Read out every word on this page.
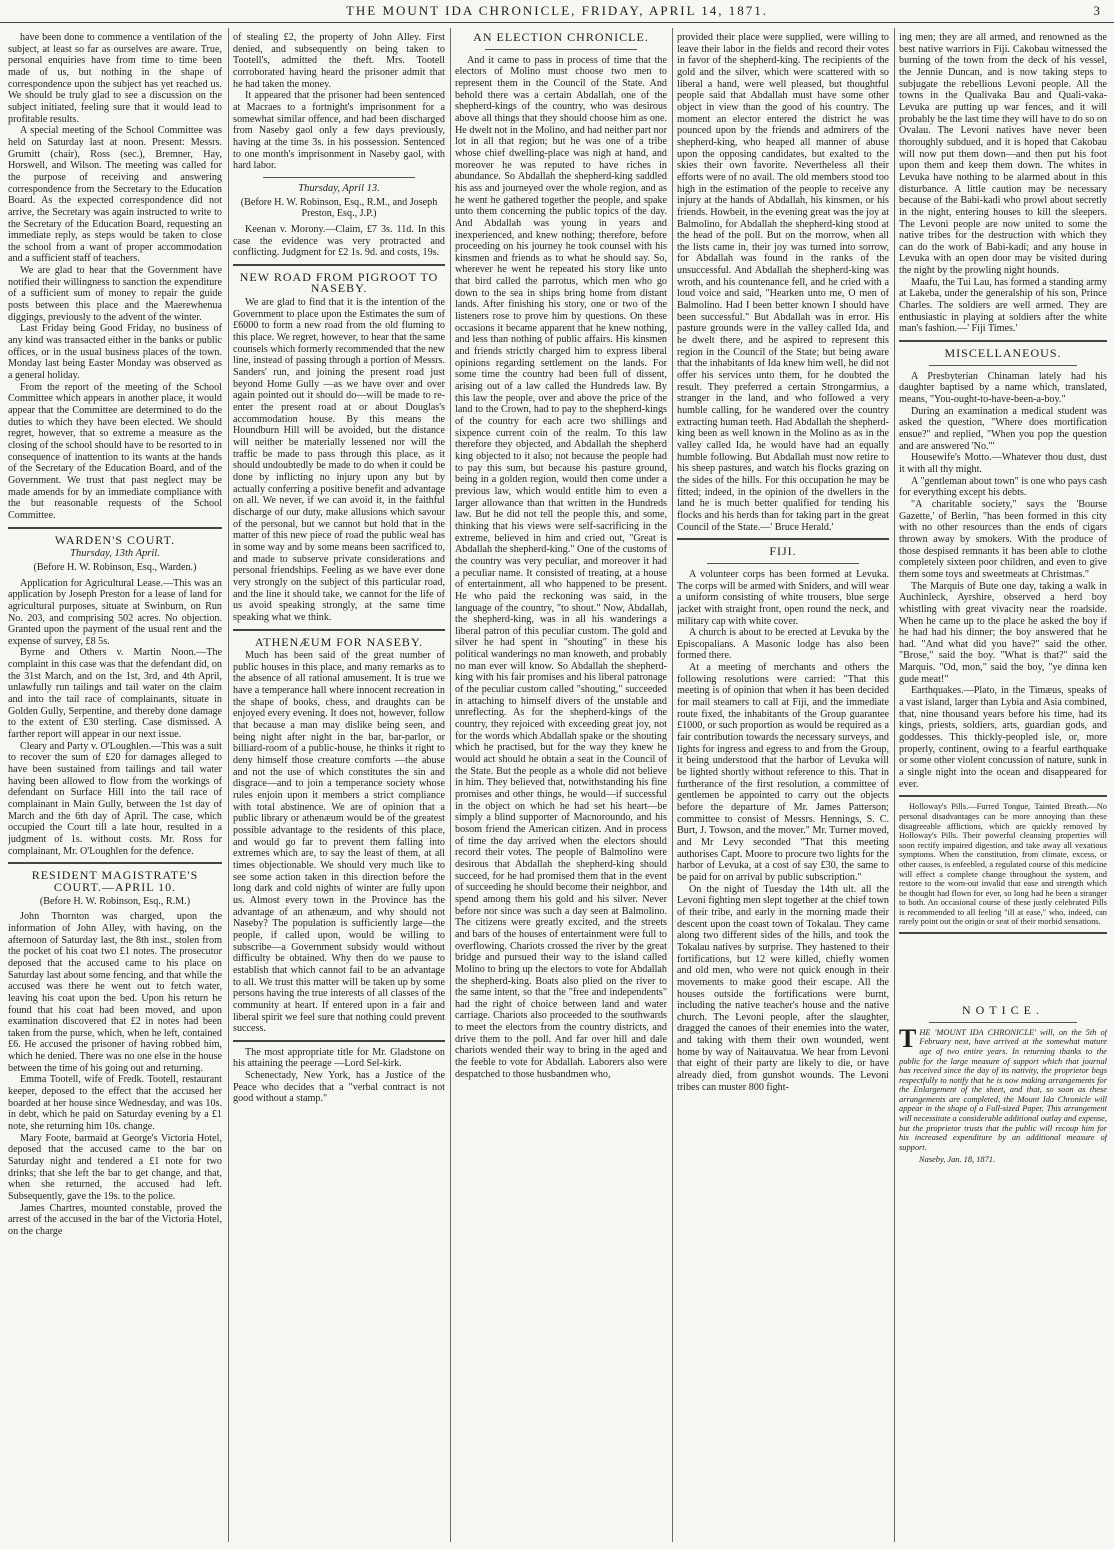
THE MOUNT IDA CHRONICLE, FRIDAY, APRIL 14, 1871.	3

have been done to commence a ventilation of the subject, at least so far as ourselves are aware. True, personal enquiries have from time to time been made of us, but nothing in the shape of correspondence upon the subject has yet reached us. We should be truly glad to see a discussion on the subject initiated, feeling sure that it would lead to profitable results.

A special meeting of the School Committee was held on Saturday last at noon. Present: Messrs. Grumitt (chair), Ross (sec.), Bremner, Hay, Horswell, and Wilson. The meeting was called for the purpose of receiving and answering correspondence from the Secretary to the Education Board. As the expected correspondence did not arrive, the Secretary was again instructed to write to the Secretary of the Education Board, requesting an immediate reply, as steps would be taken to close the school from a want of proper accommodation and a sufficient staff of teachers.

We are glad to hear that the Government have notified their willingness to sanction the expenditure of a sufficient sum of money to repair the guide posts between this place and the Maerewhenua diggings, previously to the advent of the winter.

Last Friday being Good Friday, no business of any kind was transacted either in the banks or public offices, or in the usual business places of the town. Monday last being Easter Monday was observed as a general holiday.

From the report of the meeting of the School Committee which appears in another place, it would appear that the Committee are determined to do the duties to which they have been elected. We should regret, however, that so extreme a measure as the closing of the school should have to be resorted to in consequence of inattention to its wants at the hands of the Secretary of the Education Board, and of the Government. We trust that past neglect may be made amends for by an immediate compliance with the but reasonable requests of the School Committee.

WARDEN'S COURT.

Thursday, 13th April.

(Before H. W. Robinson, Esq., Warden.)

Application for Agricultural Lease.—This was an application by Joseph Preston for a lease of land for agricultural purposes, situate at Swinburn, on Run No. 203, and comprising 502 acres. No objection. Granted upon the payment of the usual rent and the expense of survey, £8 5s.

Byrne and Others v. Martin Noon.—The complaint in this case was that the defendant did, on the 31st March, and on the 1st, 3rd, and 4th April, unlawfully run tailings and tail water on the claim and into the tail race of complainants, situate in Golden Gully, Serpentine, and thereby done damage to the extent of £30 sterling. Case dismissed. A farther report will appear in our next issue.

Cleary and Party v. O'Loughlen.—This was a suit to recover the sum of £20 for damages alleged to have been sustained from tailings and tail water having been allowed to flow from the workings of defendant on Surface Hill into the tail race of complainant in Main Gully, between the 1st day of March and the 6th day of April. The case, which occupied the Court till a late hour, resulted in a judgment of 1s. without costs. Mr. Ross for complainant, Mr. O'Loughlen for the defence.

RESIDENT MAGISTRATE'S COURT.—APRIL 10.

(Before H. W. Robinson, Esq., R.M.)

John Thornton was charged, upon the information of John Alley, with having, on the afternoon of Saturday last, the 8th inst., stolen from the pocket of his coat two £1 notes. The prosecutor deposed that the accused came to his place on Saturday last about some fencing, and that while the accused was there he went out to fetch water, leaving his coat upon the bed. Upon his return he found that his coat had been moved, and upon examination discovered that £2 in notes had been taken from the purse, which, when he left, contained £6. He accused the prisoner of having robbed him, which he denied. There was no one else in the house between the time of his going out and returning.

Emma Tootell, wife of Fredk. Tootell, restaurant keeper, deposed to the effect that the accused her boarded at her house since Wednesday, and was 10s. in debt, which he paid on Saturday evening by a £1 note, she returning him 10s. change.

Mary Foote, barmaid at George's Victoria Hotel, deposed that the accused came to the bar on Saturday night and tendered a £1 note for two drinks; that she left the bar to get change, and that, when she returned, the accused had left. Subsequently, gave the 19s. to the police.

James Chartres, mounted constable, proved the arrest of the accused in the bar of the Victoria Hotel, on the charge

of stealing £2, the property of John Alley. First denied, and subsequently on being taken to Tootell's, admitted the theft. Mrs. Tootell corroborated having heard the prisoner admit that he had taken the money.

It appeared that the prisoner had been sentenced at Macraes to a fortnight's imprisonment for a somewhat similar offence, and had been discharged from Naseby gaol only a few days previously, having at the time 3s. in his possession. Sentenced to one month's imprisonment in Naseby gaol, with hard labor.

Thursday, April 13.

(Before H. W. Robinson, Esq., R.M., and Joseph Preston, Esq., J.P.)

Keenan v. Morony.—Claim, £7 3s. 11d. In this case the evidence was very protracted and conflicting. Judgment for £2 1s. 9d. and costs, 19s.

NEW ROAD FROM PIGROOT TO NASEBY.

We are glad to find that it is the intention of the Government to place upon the Estimates the sum of £6000 to form a new road from the old fluming to this place. We regret, however, to hear that the same counsels which formerly recommended that the new line, instead of passing through a portion of Messrs. Sanders' run, and joining the present road just beyond Home Gully —as we have over and over again pointed out it should do—will be made to re-enter the present road at or about Douglas's accommodation house. By this means the Houndburn Hill will be avoided, but the distance will neither be materially lessened nor will the traffic be made to pass through this place, as it should undoubtedly be made to do when it could be done by inflicting no injury upon any but by actually conferring a positive benefit and advantage on all. We never, if we can avoid it, in the faithful discharge of our duty, make allusions which savour of the personal, but we cannot but hold that in the matter of this new piece of road the public weal has in some way and by some means been sacrificed to, and made to subserve private considerations and personal friendships. Feeling as we have ever done very strongly on the subject of this particular road, and the line it should take, we cannot for the life of us avoid speaking strongly, at the same time speaking what we think.

ATHENÆUM FOR NASEBY.

Much has been said of the great number of public houses in this place, and many remarks as to the absence of all rational amusement. It is true we have a temperance hall where innocent recreation in the shape of books, chess, and draughts can be enjoyed every evening. It does not, however, follow that because a man may dislike being seen, and being night after night in the bar, bar-parlor, or billiard-room of a public-house, he thinks it right to deny himself those creature comforts —the abuse and not the use of which constitutes the sin and disgrace—and to join a temperance society whose rules enjoin upon it members a strict compliance with total abstinence. We are of opinion that a public library or athenæum would be of the greatest possible advantage to the residents of this place, and would go far to prevent them falling into extremes which are, to say the least of them, at all times objectionable. We should very much like to see some action taken in this direction before the long dark and cold nights of winter are fully upon us. Almost every town in the Province has the advantage of an athenæum, and why should not Naseby? The population is sufficiently large—the people, if called upon, would be willing to subscribe—a Government subsidy would without difficulty be obtained. Why then do we pause to establish that which cannot fail to be an advantage to all. We trust this matter will be taken up by some persons having the true interests of all classes of the community at heart. If entered upon in a fair and liberal spirit we feel sure that nothing could prevent success.

The most appropriate title for Mr. Gladstone on his attaining the peerage —Lord Sel-kirk.

Schenectady, New York, has a Justice of the Peace who decides that a "verbal contract is not good without a stamp."

AN ELECTION CHRONICLE.

And it came to pass in process of time that the electors of Molino must choose two men to represent them in the Council of the State. And behold there was a certain Abdallah, one of the shepherd-kings of the country, who was desirous above all things that they should choose him as one. He dwelt not in the Molino, and had neither part nor lot in all that region; but he was one of a tribe whose chief dwelling-place was nigh at hand, and moreover he was reputed to have riches in abundance. So Abdallah the shepherd-king saddled his ass and journeyed over the whole region, and as he went he gathered together the people, and spake unto them concerning the public topics of the day. And Abdallah was young in years and inexperienced, and knew nothing; therefore, before proceeding on his journey he took counsel with his kinsmen and friends as to what he should say. So, wherever he went he repeated his story like unto that bird called the parrotus, which men who go down to the sea in ships bring home from distant lands. After finishing his story, one or two of the listeners rose to prove him by questions. On these occasions it became apparent that he knew nothing, and less than nothing of public affairs. His kinsmen and friends strictly charged him to express liberal opinions regarding settlement on the lands. For some time the country had been full of dissent, arising out of a law called the Hundreds law. By this law the people, over and above the price of the land to the Crown, had to pay to the shepherd-kings of the country for each acre two shillings and sixpence current coin of the realm. To this law therefore they objected, and Abdallah the shepherd king objected to it also; not because the people had to pay this sum, but because his pasture ground, being in a golden region, would then come under a previous law, which would entitle him to even a larger allowance than that written in the Hundreds law. But he did not tell the people this, and some, thinking that his views were self-sacrificing in the extreme, believed in him and cried out, "Great is Abdallah the shepherd-king." One of the customs of the country was very peculiar, and moreover it had a peculiar name. It consisted of treating, at a house of entertainment, all who happened to be present. He who paid the reckoning was said, in the language of the country, "to shout." Now, Abdallah, the shepherd-king, was in all his wanderings a liberal patron of this peculiar custom. The gold and silver he had spent in "shouting" in these his political wanderings no man knoweth, and probably no man ever will know. So Abdallah the shepherd-king with his fair promises and his liberal patronage of the peculiar custom called "shouting," succeeded in attaching to himself divers of the unstable and unreflecting. As for the shepherd-kings of the country, they rejoiced with exceeding great joy, not for the words which Abdallah spake or the shouting which he practised, but for the way they knew he would act should he obtain a seat in the Council of the State. But the people as a whole did not believe in him. They believed that, notwithstanding his fine promises and other things, he would—if successful in the object on which he had set his heart—be simply a blind supporter of Macnoroundo, and his bosom friend the American citizen. And in process of time the day arrived when the electors should record their votes. The people of Balmolino were desirous that Abdallah the shepherd-king should succeed, for he had promised them that in the event of succeeding he should become their neighbor, and spend among them his gold and his silver. Never before nor since was such a day seen at Balmolino. The citizens were greatly excited, and the streets and bars of the houses of entertainment were full to overflowing. Chariots crossed the river by the great bridge and pursued their way to the island called Molino to bring up the electors to vote for Abdallah the shepherd-king. Boats also plied on the river to the same intent, so that the "free and independents" had the right of choice between land and water carriage. Chariots also proceeded to the southwards to meet the electors from the country districts, and drive them to the poll. And far over hill and dale chariots wended their way to bring in the aged and the feeble to vote for Abdallah. Laborers also were despatched to those husbandmen who,

provided their place were supplied, were willing to leave their labor in the fields and record their votes in favor of the shepherd-king. The recipients of the gold and the silver, which were scattered with so liberal a hand, were well pleased, but thoughtful people said that Abdallah must have some other object in view than the good of his country. The moment an elector entered the district he was pounced upon by the friends and admirers of the shepherd-king, who heaped all manner of abuse upon the opposing candidates, but exalted to the skies their own favorite. Nevertheless all their efforts were of no avail. The old members stood too high in the estimation of the people to receive any injury at the hands of Abdallah, his kinsmen, or his friends. Howbeit, in the evening great was the joy at Balmolino, for Abdallah the shepherd-king stood at the head of the poll. But on the morrow, when all the lists came in, their joy was turned into sorrow, for Abdallah was found in the ranks of the unsuccessful. And Abdallah the shepherd-king was wroth, and his countenance fell, and he cried with a loud voice and said, "Hearken unto me, O men of Balmolino. Had I been better known I should have been successful." But Abdallah was in error. His pasture grounds were in the valley called Ida, and he dwelt there, and he aspired to represent this region in the Council of the State; but being aware that the inhabitants of Ida knew him well, he did not offer his services unto them, for he doubted the result. They preferred a certain Strongarmius, a stranger in the land, and who followed a very humble calling, for he wandered over the country extracting human teeth. Had Abdallah the shepherd-king been as well known in the Molino as as in the valley called Ida, he would have had an equally humble following. But Abdallah must now retire to his sheep pastures, and watch his flocks grazing on the sides of the hills. For this occupation he may be fitted; indeed, in the opinion of the dwellers in the land he is much better qualified for tending his flocks and his herds than for taking part in the great Council of the State.—' Bruce Herald.'

FIJI.

A volunteer corps has been formed at Levuka. The corps will be armed with Sniders, and will wear a uniform consisting of white trousers, blue serge jacket with straight front, open round the neck, and military cap with white cover.

A church is about to be erected at Levuka by the Episcopalians. A Masonic lodge has also been formed there.

At a meeting of merchants and others the following resolutions were carried: "That this meeting is of opinion that when it has been decided for mail steamers to call at Fiji, and the immediate route fixed, the inhabitants of the Group guarantee £1000, or such proportion as would be required as a fair contribution towards the necessary surveys, and lights for ingress and egress to and from the Group, it being understood that the harbor of Levuka will be lighted shortly without reference to this. That in furtherance of the first resolution, a committee of gentlemen be appointed to carry out the objects before the departure of Mr. James Patterson; committee to consist of Messrs. Hennings, S. C. Burt, J. Towson, and the mover." Mr. Turner moved, and Mr Levy seconded "That this meeting authorises Capt. Moore to procure two lights for the harbor of Levuka, at a cost of say £30, the same to be paid for on arrival by public subscription."

On the night of Tuesday the 14th ult. all the Levoni fighting men slept together at the chief town of their tribe, and early in the morning made their descent upon the coast town of Tokalau. They came along two different sides of the hills, and took the Tokalau natives by surprise. They hastened to their fortifications, but 12 were killed, chiefly women and old men, who were not quick enough in their movements to make good their escape. All the houses outside the fortifications were burnt, including the native teacher's house and the native church. The Levoni people, after the slaughter, dragged the canoes of their enemies into the water, and taking with them their own wounded, went home by way of Naitauvatua. We hear from Levoni that eight of their party are likely to die, or have already died, from gunshot wounds. The Levoni tribes can muster 800 fight-

ing men; they are all armed, and renowned as the best native warriors in Fiji. Cakobau witnessed the burning of the town from the deck of his vessel, the Jennie Duncan, and is now taking steps to subjugate the rebellious Levoni people. All the towns in the Qualivaka Bau and Quali-vaka-Levuka are putting up war fences, and it will probably be the last time they will have to do so on Ovalau. The Levoni natives have never been thoroughly subdued, and it is hoped that Cakobau will now put them down—and then put his foot upon them and keep them down. The whites in Levuka have nothing to be alarmed about in this disturbance. A little caution may be necessary because of the Babi-kadi who prowl about secretly in the night, entering houses to kill the sleepers. The Levoni people are now united to some the native tribes for the destruction with which they can do the work of Babi-kadi; and any house in Levuka with an open door may be visited during the night by the prowling night hounds.

Maafu, the Tui Lau, has formed a standing army at Lakeba, under the generalship of his son, Prince Charles. The soldiers are well armed. They are enthusiastic in playing at soldiers after the white man's fashion.—' Fiji Times.'

MISCELLANEOUS.

A Presbyterian Chinaman lately had his daughter baptised by a name which, translated, means, "You-ought-to-have-been-a-boy."

During an examination a medical student was asked the question, "Where does mortification ensue?" and replied, "When you pop the question and are answered 'No.'"

Housewife's Motto.—Whatever thou dust, dust it with all thy might.

A "gentleman about town" is one who pays cash for everything except his debts.

"A charitable society," says the 'Bourse Gazette,' of Berlin, "has been formed in this city with no other resources than the ends of cigars thrown away by smokers. With the produce of those despised remnants it has been able to clothe completely sixteen poor children, and even to give them some toys and sweetmeats at Christmas."

The Marquis of Bute one day, taking a walk in Auchinleck, Ayrshire, observed a herd boy whistling with great vivacity near the roadside. When he came up to the place he asked the boy if he had had his dinner; the boy answered that he had. "And what did you have?" said the other. "Brose," said the boy. "What is that?" said the Marquis. "Od, mon," said the boy, "ye dinna ken gude meat!"

Earthquakes.—Plato, in the Timæus, speaks of a vast island, larger than Lybia and Asia combined, that, nine thousand years before his time, had its kings, priests, soldiers, arts, guardian gods, and goddesses. This thickly-peopled isle, or, more properly, continent, owing to a fearful earthquake or some other violent concussion of nature, sunk in a single night into the ocean and disappeared for ever.

Holloway's Pills.—Furred Tongue, Tainted Breath.—No personal disadvantages can be more annoying than these disagreeable afflictions, which are quickly removed by Holloway's Pills. Their powerful cleansing properties will soon rectify impaired digestion, and take away all vexatious symptoms. When the constitution, from climate, excess, or other causes, is enfeebled, a regulated course of this medicine will effect a complete change throughout the system, and restore to the worn-out invalid that ease and strength which he thought had flown for ever, so long had he been a stranger to both. An occasional course of these justly celebrated Pills is recommended to all feeling "ill at ease," who, indeed, can rarely point out the origin or seat of their morbid sensations.

NOTICE.

THE 'MOUNT IDA CHRONICLE' will, on the 5th of February next, have arrived at the somewhat mature age of two entire years. In returning thanks to the public for the large measure of support which that journal has received since the day of its nativity, the proprietor begs respectfully to notify that he is now making arrangements for the Enlargement of the sheet, and that, so soon as these arrangements are completed, the Mount Ida Chronicle will appear in the shape of a Full-sized Paper. This arrangement will necessitate a considerable additional outlay and expense, but the proprietor trusts that the public will recoup him for his increased expenditure by an additional measure of support.

Naseby, Jan. 18, 1871.
